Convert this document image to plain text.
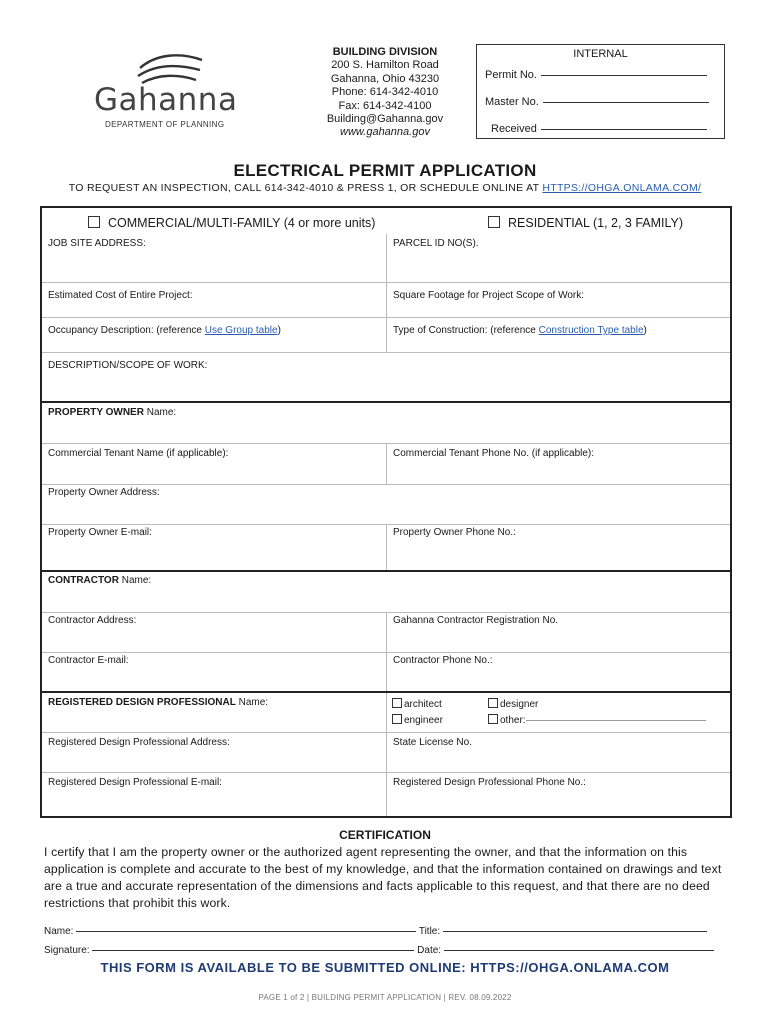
Gahanna
DEPARTMENT OF PLANNING
BUILDING DIVISION
200 S. Hamilton Road
Gahanna, Ohio 43230
Phone: 614-342-4010
Fax: 614-342-4100
Building@Gahanna.gov
www.gahanna.gov
INTERNAL
Permit No.
Master No.
Received
ELECTRICAL PERMIT APPLICATION
TO REQUEST AN INSPECTION, CALL 614-342-4010 & PRESS 1, OR SCHEDULE ONLINE AT HTTPS://OHGA.ONLAMA.COM/
COMMERCIAL/MULTI-FAMILY (4 or more units)	RESIDENTIAL (1, 2, 3 FAMILY)
JOB SITE ADDRESS:	PARCEL ID NO(S).
Estimated Cost of Entire Project:	Square Footage for Project Scope of Work:
Occupancy Description: (reference Use Group table)	Type of Construction: (reference Construction Type table)
DESCRIPTION/SCOPE OF WORK:
PROPERTY OWNER Name:
Commercial Tenant Name (if applicable):	Commercial Tenant Phone No. (if applicable):
Property Owner Address:
Property Owner E-mail:	Property Owner Phone No.:
CONTRACTOR Name:
Contractor Address:	Gahanna Contractor Registration No.
Contractor E-mail:	Contractor Phone No.:
REGISTERED DESIGN PROFESSIONAL Name:	architect	designer
engineer	other:
Registered Design Professional Address:	State License No.
Registered Design Professional E-mail:	Registered Design Professional Phone No.:
CERTIFICATION
I certify that I am the property owner or the authorized agent representing the owner, and that the information on this application is complete and accurate to the best of my knowledge, and that the information contained on drawings and text are a true and accurate representation of the dimensions and facts applicable to this request, and that there are no deed restrictions that prohibit this work.
Name:	Title:
Signature:	Date:
THIS FORM IS AVAILABLE TO BE SUBMITTED ONLINE: HTTPS://OHGA.ONLAMA.COM
PAGE 1 of 2 | BUILDING PERMIT APPLICATION | REV. 08.09.2022
